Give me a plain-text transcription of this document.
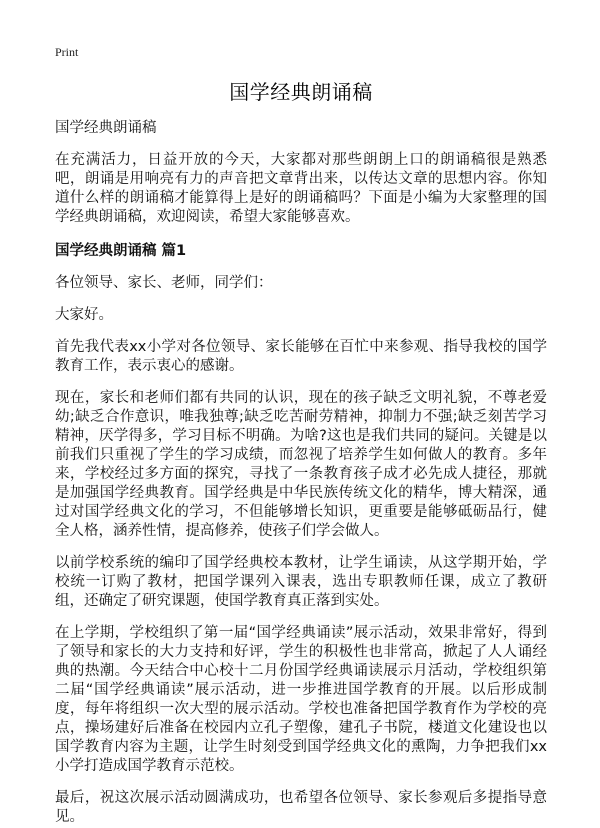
Print
国学经典朗诵稿

国学经典朗诵稿

在充满活力，日益开放的今天，大家都对那些朗朗上口的朗诵稿很是熟悉吧，朗诵是用响亮有力的声音把文章背出来，以传达文章的思想内容。你知道什么样的朗诵稿才能算得上是好的朗诵稿吗？下面是小编为大家整理的国学经典朗诵稿，欢迎阅读，希望大家能够喜欢。

国学经典朗诵稿 篇1

各位领导、家长、老师，同学们：

大家好。

首先我代表xx小学对各位领导、家长能够在百忙中来参观、指导我校的国学教育工作，表示衷心的感谢。

现在，家长和老师们都有共同的认识，现在的孩子缺乏文明礼貌，不尊老爱幼;缺乏合作意识，唯我独尊;缺乏吃苦耐劳精神，抑制力不强;缺乏刻苦学习精神，厌学得多，学习目标不明确。为啥?这也是我们共同的疑问。关键是以前我们只重视了学生的学习成绩，而忽视了培养学生如何做人的教育。多年来，学校经过多方面的探究，寻找了一条教育孩子成才必先成人捷径，那就是加强国学经典教育。国学经典是中华民族传统文化的精华，博大精深，通过对国学经典文化的学习，不但能够增长知识，更重要是能够砥砺品行，健全人格，涵养性情，提高修养，使孩子们学会做人。

以前学校系统的编印了国学经典校本教材，让学生诵读，从这学期开始，学校统一订购了教材，把国学课列入课表，选出专职教师任课，成立了教研组，还确定了研究课题，使国学教育真正落到实处。

在上学期，学校组织了第一届“国学经典诵读”展示活动，效果非常好，得到了领导和家长的大力支持和好评，学生的积极性也非常高，掀起了人人诵经典的热潮。今天结合中心校十二月份国学经典诵读展示月活动，学校组织第二届“国学经典诵读”展示活动，进一步推进国学教育的开展。以后形成制度，每年将组织一次大型的展示活动。学校也准备把国学教育作为学校的亮点，操场建好后准备在校园内立孔子塑像，建孔子书院，楼道文化建设也以国学教育内容为主题，让学生时刻受到国学经典文化的熏陶，力争把我们xx小学打造成国学教育示范校。

最后，祝这次展示活动圆满成功，也希望各位领导、家长参观后多提指导意见。
